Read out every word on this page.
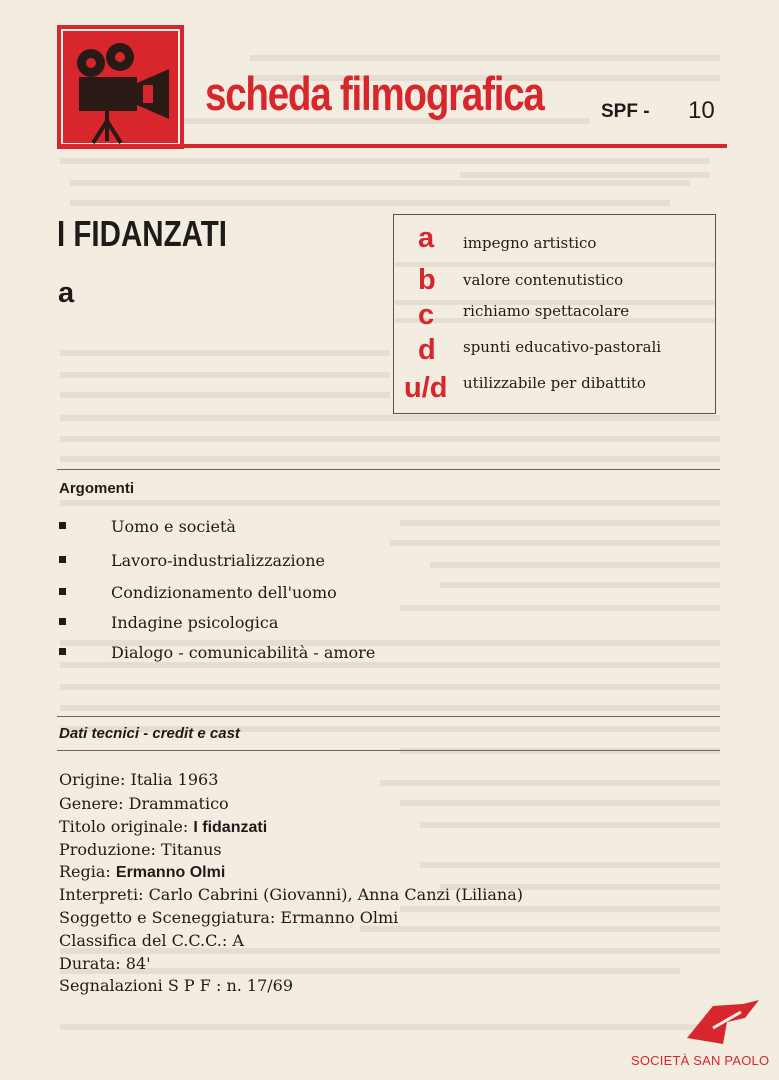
scheda filmografica	SPF - 10
I FIDANZATI
a
a impegno artistico
b valore contenutistico
c richiamo spettacolare
d spunti educativo-pastorali
u/d utilizzabile per dibattito
Argomenti
Uomo e società
Lavoro-industrializzazione
Condizionamento dell'uomo
Indagine psicologica
Dialogo - comunicabilità - amore
Dati tecnici - credit e cast
Origine: Italia 1963
Genere: Drammatico
Titolo originale: I fidanzati
Produzione: Titanus
Regia: Ermanno Olmi
Interpreti: Carlo Cabrini (Giovanni), Anna Canzi (Liliana)
Soggetto e Sceneggiatura: Ermanno Olmi
Classifica del C.C.C.: A
Durata: 84'
Segnalazioni S P F : n. 17/69
SOCIETÀ SAN PAOLO
